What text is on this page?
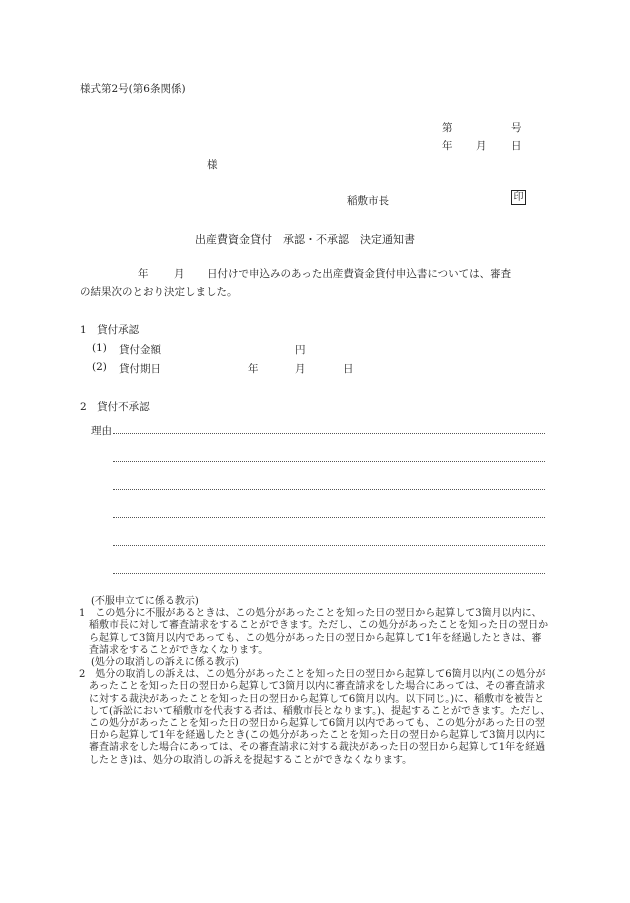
様式第2号(第6条関係)
第	号
年 月 日
様
稲敷市長	印
出産費資金貸付　承認・不承認　決定通知書
年 月 日付けで申込みのあった出産費資金貸付申込書については、審査
の結果次のとおり決定しました。
1　貸付承認
(1) 貸付金額	円
(2) 貸付期日	年	月	日
2　貸付不承認
理由
(不服申立てに係る教示)
1　この処分に不服があるときは、この処分があったことを知った日の翌日から起算して3箇月以内に、稲敷市長に対して審査請求をすることができます。ただし、この処分があったことを知った日の翌日から起算して3箇月以内であっても、この処分があった日の翌日から起算して1年を経過したときは、審査請求をすることができなくなります。
(処分の取消しの訴えに係る教示)
2　処分の取消しの訴えは、この処分があったことを知った日の翌日から起算して6箇月以内(この処分があったことを知った日の翌日から起算して3箇月以内に審査請求をした場合にあっては、その審査請求に対する裁決があったことを知った日の翌日から起算して6箇月以内。以下同じ。)に、稲敷市を被告として(訴訟において稲敷市を代表する者は、稲敷市長となります。)、提起することができます。ただし、この処分があったことを知った日の翌日から起算して6箇月以内であっても、この処分があった日の翌日から起算して1年を経過したとき(この処分があったことを知った日の翌日から起算して3箇月以内に審査請求をした場合にあっては、その審査請求に対する裁決があった日の翌日から起算して1年を経過したとき)は、処分の取消しの訴えを提起することができなくなります。
